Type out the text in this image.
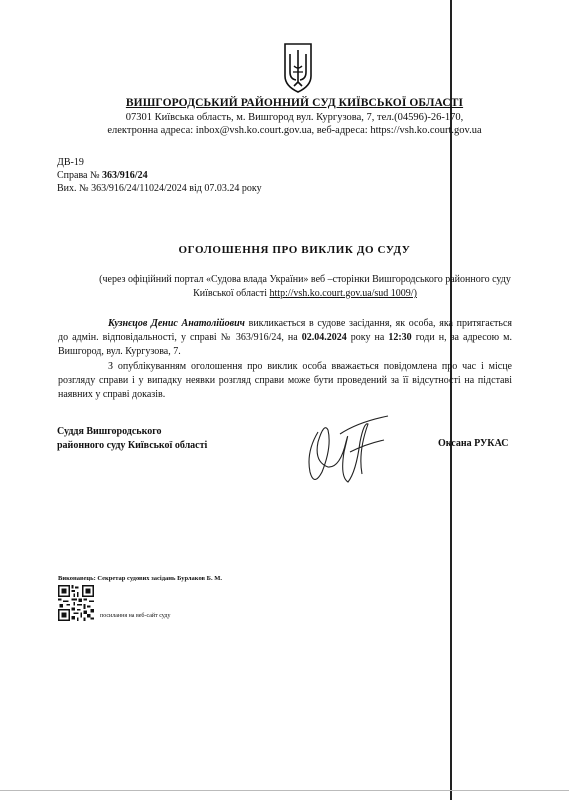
ВИШГОРОДСЬКИЙ РАЙОННИЙ СУД КИЇВСЬКОЇ ОБЛАСТІ
07301 Київська область, м. Вишгород вул. Кургузова, 7, тел.(04596)-26-170,
електронна адреса: inbox@vsh.ko.court.gov.ua, веб-адреса: https://vsh.ko.court.gov.ua
ДВ-19
Справа № 363/916/24
Вих. № 363/916/24/11024/2024 від 07.03.24 року
ОГОЛОШЕННЯ ПРО ВИКЛИК ДО СУДУ
(через офіційний портал «Судова влада України» веб –сторінки Вишгородського районного суду Київської області http://vsh.ko.court.gov.ua/sud 1009/)
Кузнєцов Денис Анатолійович викликається в судове засідання, як особа, яка притягається до адмін. відповідальності, у справі № 363/916/24, на 02.04.2024 року на 12:30 годи н, за адресою м. Вишгород, вул. Кургузова, 7.
З опублікуванням оголошення про виклик особа вважається повідомлена про час і місце розгляду справи і у випадку неявки розгляд справи може бути проведений за її відсутності на підставі наявних у справі доказів.
Суддя Вишгородського
районного суду Київської області	Оксана РУКАС
Виконавець: Секретар судових засідань Бурлаков Б. М.
посилання на веб-сайт суду
